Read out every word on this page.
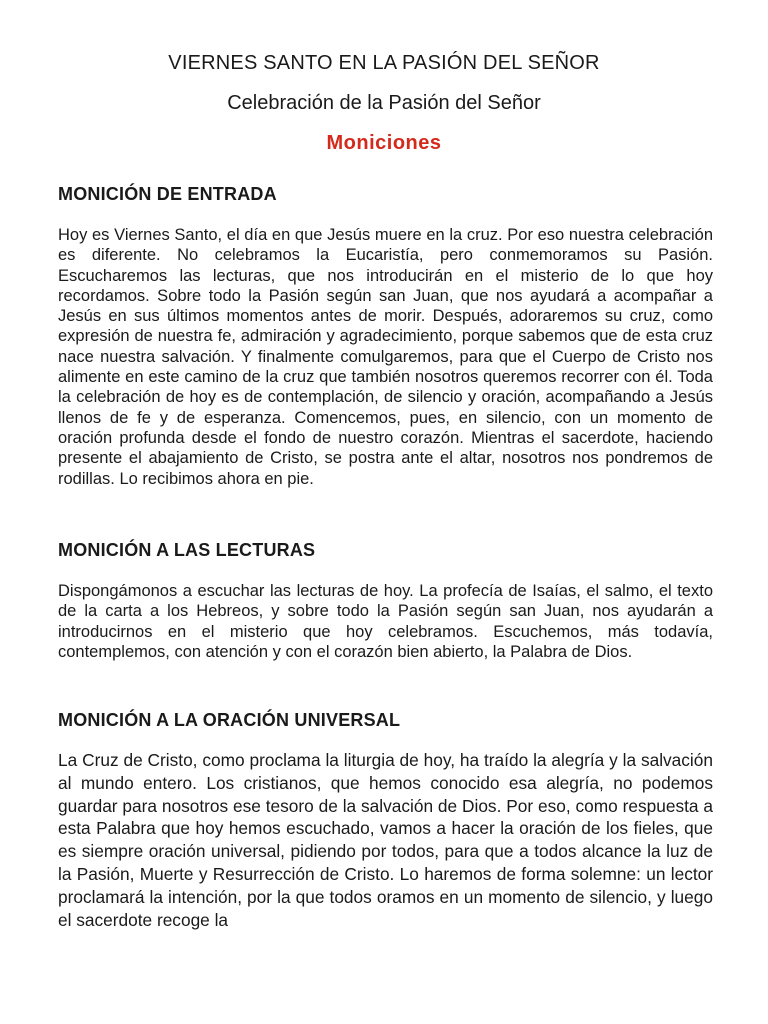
VIERNES SANTO EN LA PASIÓN DEL SEÑOR
Celebración de la Pasión del Señor
Moniciones
MONICIÓN DE ENTRADA

Hoy es Viernes Santo, el día en que Jesús muere en la cruz. Por eso nuestra celebración es diferente. No celebramos la Eucaristía, pero conmemoramos su Pasión. Escucharemos las lecturas, que nos introducirán en el misterio de lo que hoy recordamos. Sobre todo la Pasión según san Juan, que nos ayudará a acompañar a Jesús en sus últimos momentos antes de morir. Después, adoraremos su cruz, como expresión de nuestra fe, admiración y agradecimiento, porque sabemos que de esta cruz nace nuestra salvación. Y finalmente comulgaremos, para que el Cuerpo de Cristo nos alimente en este camino de la cruz que también nosotros queremos recorrer con él. Toda la celebración de hoy es de contemplación, de silencio y oración, acompañando a Jesús llenos de fe y de esperanza. Comencemos, pues, en silencio, con un momento de oración profunda desde el fondo de nuestro corazón. Mientras el sacerdote, haciendo presente el abajamiento de Cristo, se postra ante el altar, nosotros nos pondremos de rodillas. Lo recibimos ahora en pie.

MONICIÓN A LAS LECTURAS

Dispongámonos a escuchar las lecturas de hoy. La profecía de Isaías, el salmo, el texto de la carta a los Hebreos, y sobre todo la Pasión según san Juan, nos ayudarán a introducirnos en el misterio que hoy celebramos. Escuchemos, más todavía, contemplemos, con atención y con el corazón bien abierto, la Palabra de Dios.

MONICIÓN A LA ORACIÓN UNIVERSAL

La Cruz de Cristo, como proclama la liturgia de hoy, ha traído la alegría y la salvación al mundo entero. Los cristianos, que hemos conocido esa alegría, no podemos guardar para nosotros ese tesoro de la salvación de Dios. Por eso, como respuesta a esta Palabra que hoy hemos escuchado, vamos a hacer la oración de los fieles, que es siempre oración universal, pidiendo por todos, para que a todos alcance la luz de la Pasión, Muerte y Resurrección de Cristo. Lo haremos de forma solemne: un lector proclamará la intención, por la que todos oramos en un momento de silencio, y luego el sacerdote recoge la
